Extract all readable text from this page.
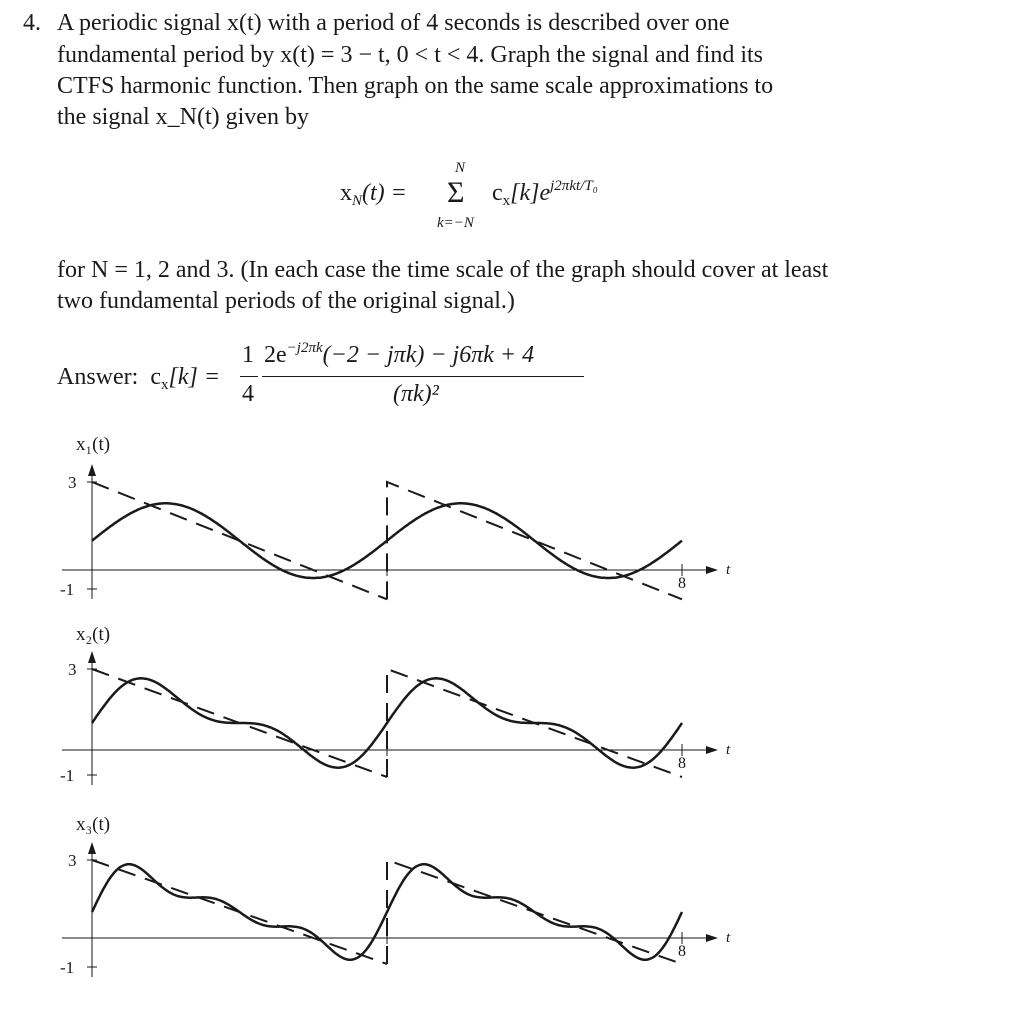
4. A periodic signal x(t) with a period of 4 seconds is described over one
fundamental period by x(t) = 3 − t, 0 < t < 4. Graph the signal and find its
CTFS harmonic function. Then graph on the same scale approximations to
the signal x_N(t) given by
$x_N(t)$ =
N
Σ
k=−N
$c_x[k]e^{j2\pi kt/T_0}$
for N = 1, 2 and 3. (In each case the time scale of the graph should cover at least
two fundamental periods of the original signal.)
Answer: $c_x[k]$ =
1
4
$2e^{-j2\pi k}(-2 - j\pi k) - j6\pi k + 4$
(πk)²
x₁(t)
3
-1
t
8
x₂(t)
3
-1
t
8
x₃(t)
3
-1
t
8
